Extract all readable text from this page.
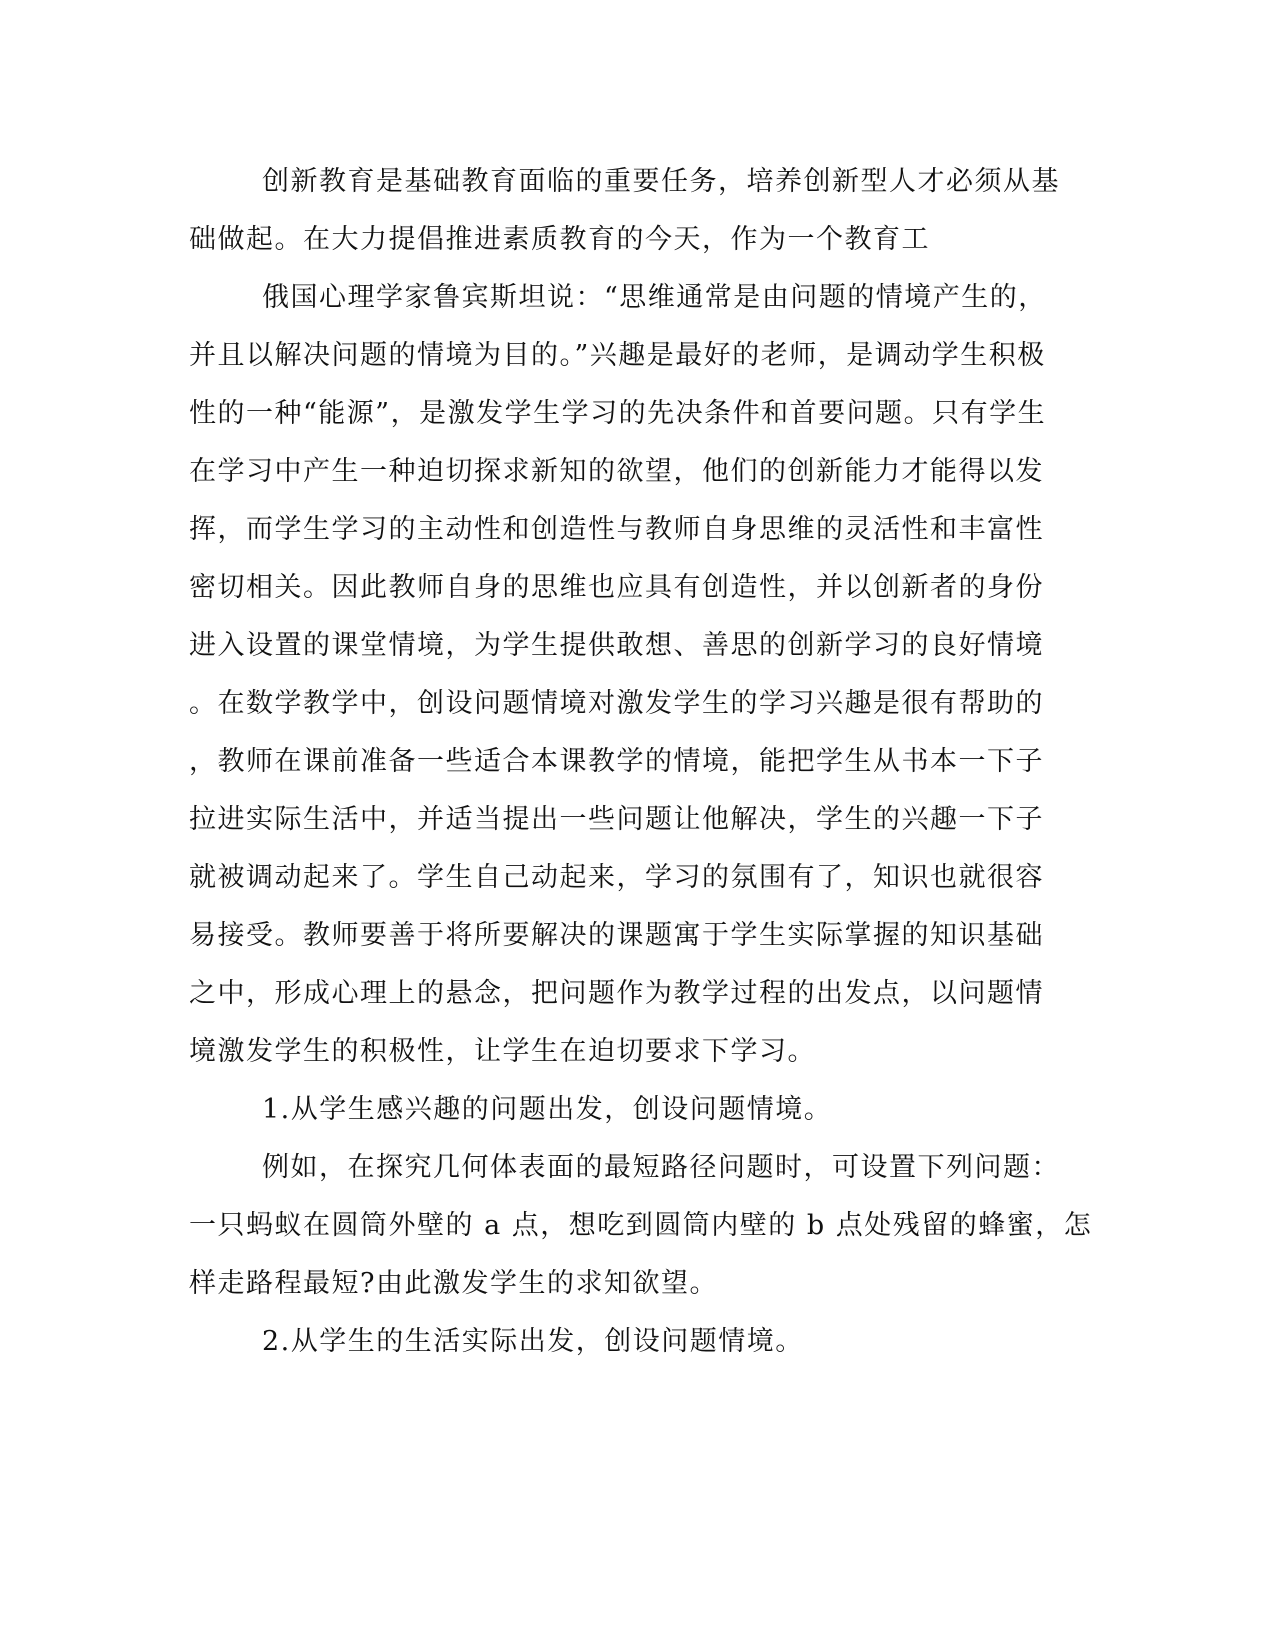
创新教育是基础教育面临的重要任务，培养创新型人才必须从基
础做起。在大力提倡推进素质教育的今天，作为一个教育工
俄国心理学家鲁宾斯坦说：“思维通常是由问题的情境产生的，
并且以解决问题的情境为目的。”兴趣是最好的老师，是调动学生积极
性的一种“能源”，是激发学生学习的先决条件和首要问题。只有学生
在学习中产生一种迫切探求新知的欲望，他们的创新能力才能得以发
挥，而学生学习的主动性和创造性与教师自身思维的灵活性和丰富性
密切相关。因此教师自身的思维也应具有创造性，并以创新者的身份
进入设置的课堂情境，为学生提供敢想、善思的创新学习的良好情境
。在数学教学中，创设问题情境对激发学生的学习兴趣是很有帮助的
，教师在课前准备一些适合本课教学的情境，能把学生从书本一下子
拉进实际生活中，并适当提出一些问题让他解决，学生的兴趣一下子
就被调动起来了。学生自己动起来，学习的氛围有了，知识也就很容
易接受。教师要善于将所要解决的课题寓于学生实际掌握的知识基础
之中，形成心理上的悬念，把问题作为教学过程的出发点，以问题情
境激发学生的积极性，让学生在迫切要求下学习。
1.从学生感兴趣的问题出发，创设问题情境。
例如，在探究几何体表面的最短路径问题时，可设置下列问题：
一只蚂蚁在圆筒外壁的 a 点，想吃到圆筒内壁的 b 点处残留的蜂蜜，怎
样走路程最短?由此激发学生的求知欲望。
2.从学生的生活实际出发，创设问题情境。
